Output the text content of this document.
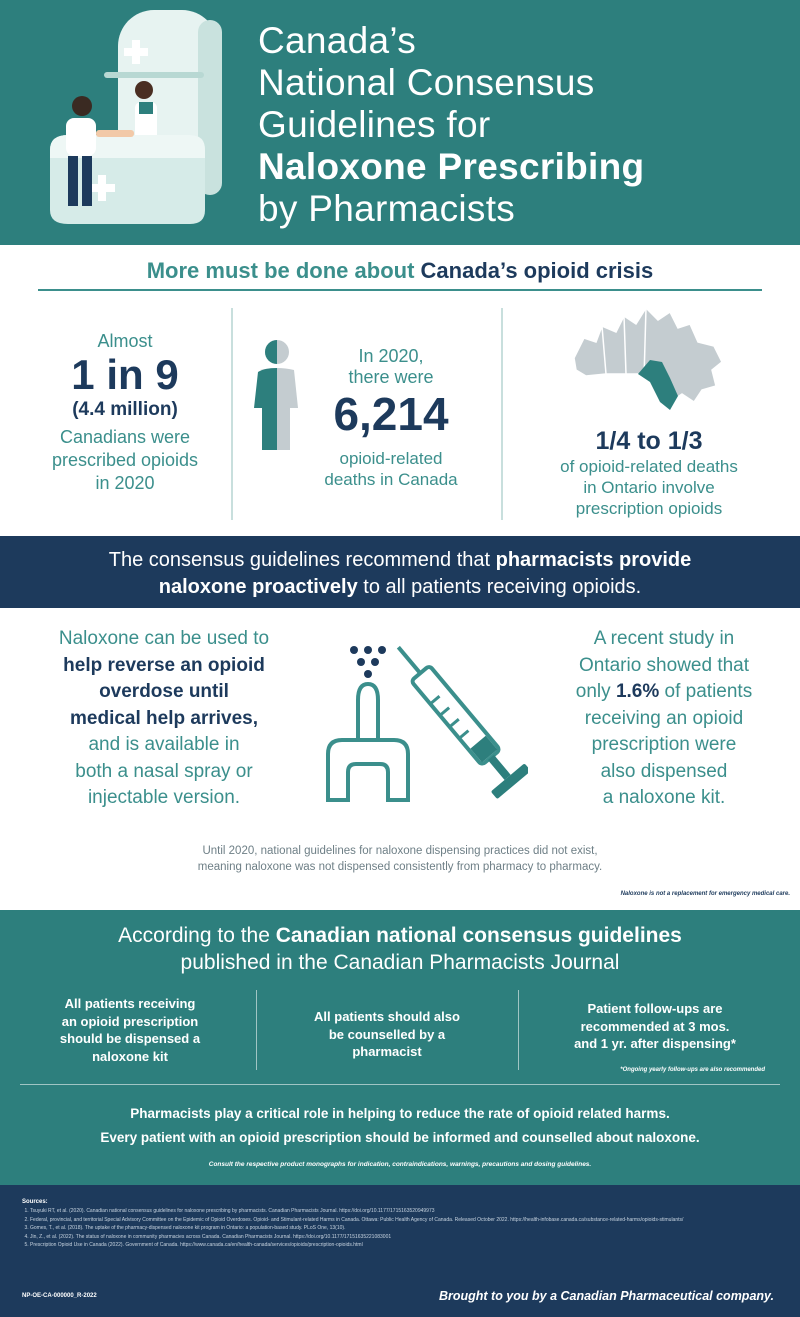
Canada’s
National Consensus
Guidelines for
Naloxone Prescribing
by Pharmacists
More must be done about Canada’s opioid crisis
Almost
1 in 9
(4.4 million)
Canadians were
prescribed opioids
in 2020
In 2020,
there were
6,214
opioid-related
deaths in Canada
1/4 to 1/3
of opioid-related deaths
in Ontario involve
prescription opioids
The consensus guidelines recommend that pharmacists provide
naloxone proactively to all patients receiving opioids.
Naloxone can be used to
help reverse an opioid
overdose until
medical help arrives,
and is available in
both a nasal spray or
injectable version.
A recent study in
Ontario showed that
only 1.6% of patients
receiving an opioid
prescription were
also dispensed
a naloxone kit.
Until 2020, national guidelines for naloxone dispensing practices did not exist,
meaning naloxone was not dispensed consistently from pharmacy to pharmacy.
Naloxone is not a replacement for emergency medical care.
According to the Canadian national consensus guidelines
published in the Canadian Pharmacists Journal
All patients receiving
an opioid prescription
should be dispensed a
naloxone kit
All patients should also
be counselled by a
pharmacist
Patient follow-ups are
recommended at 3 mos.
and 1 yr. after dispensing*
*Ongoing yearly follow-ups are also recommended
Pharmacists play a critical role in helping to reduce the rate of opioid related harms.
Every patient with an opioid prescription should be informed and counselled about naloxone.
Consult the respective product monographs for indication, contraindications, warnings, precautions and dosing guidelines.
Sources:
1. Tsuyuki RT, et al. (2020). Canadian national consensus guidelines for naloxone prescribing by pharmacists. Canadian Pharmacists Journal. https://doi.org/10.1177/1715163520949973
2. Federal, provincial, and territorial Special Advisory Committee on the Epidemic of Opioid Overdoses. Opioid- and Stimulant-related Harms in Canada. Ottawa: Public Health Agency of Canada. Released October 2022. https://health-infobase.canada.ca/substance-related-harms/opioids-stimulants/
3. Gomes, T., et al. (2018). The uptake of the pharmacy-dispensed naloxone kit program in Ontario: a population-based study. PLoS One, 13(10).
4. Jin, Z., et al. (2022). The status of naloxone in community pharmacies across Canada. Canadian Pharmacists Journal. https://doi.org/10.1177/17151635221083001
5. Prescription Opioid Use in Canada (2022). Government of Canada. https://www.canada.ca/en/health-canada/services/opioids/prescription-opioids.html
NP-OE-CA-000000_R-2022	Brought to you by a Canadian Pharmaceutical company.
